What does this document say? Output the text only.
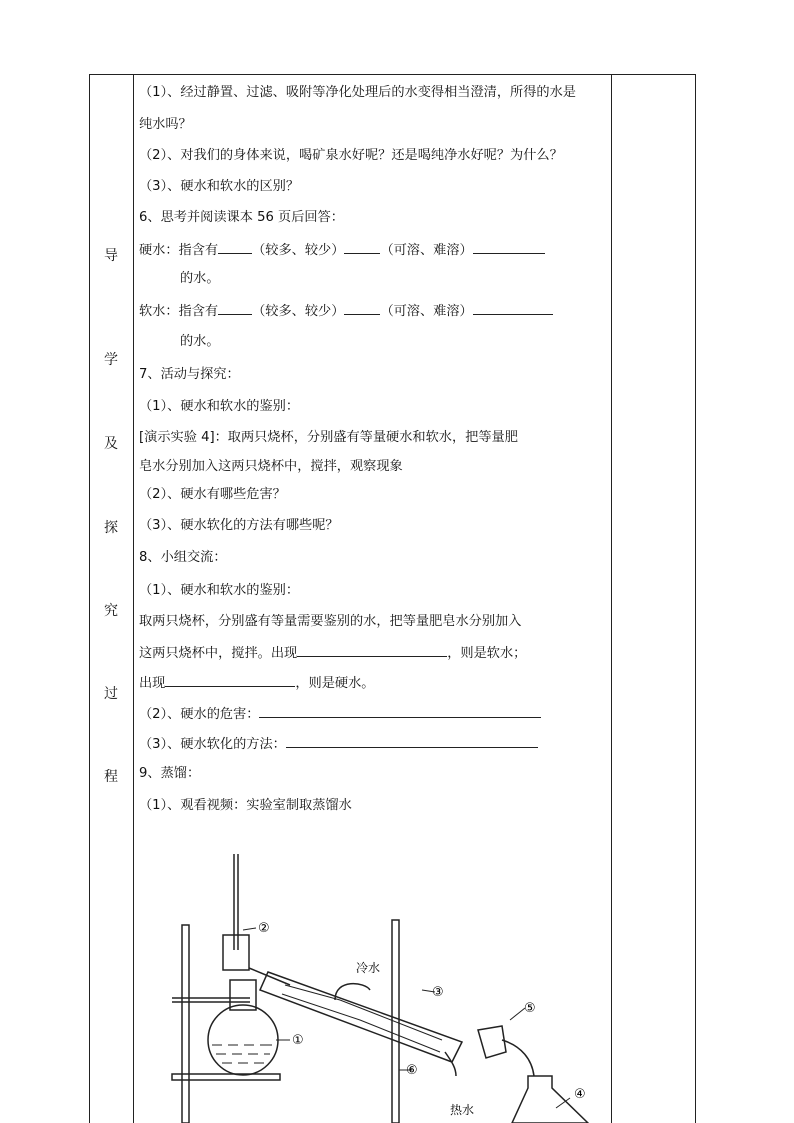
导
学
及
探
究
过
程
（1）、经过静置、过滤、吸附等净化处理后的水变得相当澄清，所得的水是
纯水吗？
（2）、对我们的身体来说，喝矿泉水好呢？还是喝纯净水好呢？为什么？
（3）、硬水和软水的区别？
6、思考并阅读课本 56 页后回答：
硬水：指含有	（较多、较少）	（可溶、难溶）
的水。
软水：指含有	（较多、较少）	（可溶、难溶）
的水。
7、活动与探究：
（1）、硬水和软水的鉴别：
[演示实验 4]：取两只烧杯，分别盛有等量硬水和软水，把等量肥
皂水分别加入这两只烧杯中，搅拌，观察现象
（2）、硬水有哪些危害？
（3）、硬水软化的方法有哪些呢？
8、小组交流：
（1）、硬水和软水的鉴别：
取两只烧杯，分别盛有等量需要鉴别的水，把等量肥皂水分别加入
这两只烧杯中，搅拌。出现	，则是软水；
出现	，则是硬水。
（2）、硬水的危害：
（3）、硬水软化的方法：
9、蒸馏：
（1）、观看视频：实验室制取蒸馏水
②
①
③
⑤
⑥
④
冷水
热水
